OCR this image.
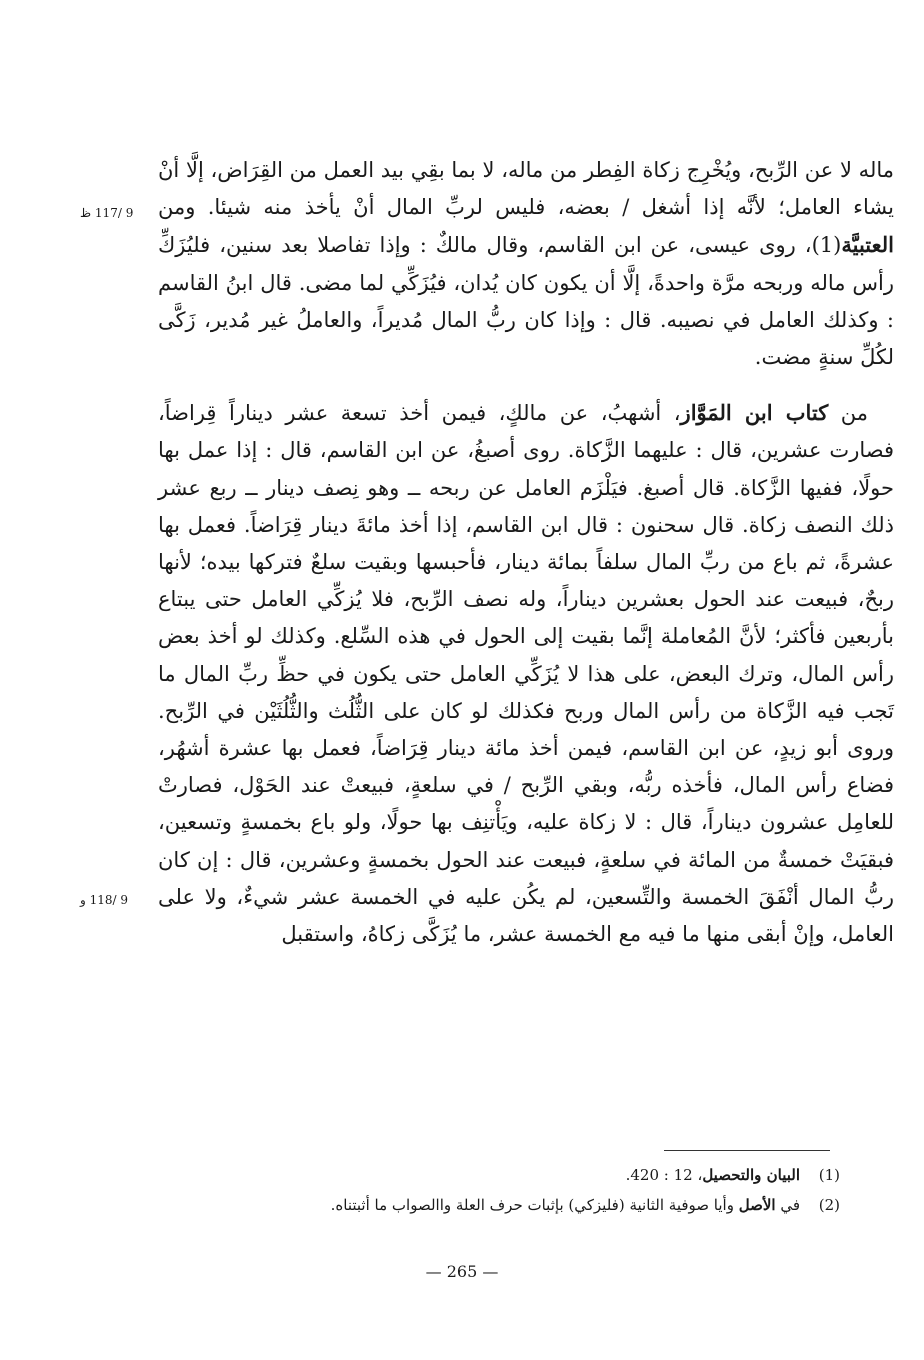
ماله لا عن الرِّبح، ويُخْرِج زكاة الفِطر من ماله، لا بما بقِي بيد العمل من القِرَاض، إلَّا أنْ يشاء العامل؛ لأنَّه إذا أشغل / بعضه، فليس لربِّ المال أنْ يأخذ منه شيئا. ومن العتبيَّة(1)، روى عيسى، عن ابن القاسم، وقال مالكٌ : وإذا تفاصلا بعد سنين، فليُزَكِّ رأس ماله وربحه مرَّة واحدةً، إلَّا أن يكون كان يُدان، فيُزَكِّي لما مضى. قال ابنُ القاسم : وكذلك العامل في نصيبه. قال : وإذا كان ربُّ المال مُديراً، والعاملُ غير مُدير، زَكَّى لكُلِّ سنةٍ مضت.

من كتاب ابن المَوَّاز، أشهبُ، عن مالكٍ، فيمن أخذ تسعة عشر ديناراً قِراضاً، فصارت عشرين، قال : عليهما الزَّكاة. روى أصبغُ، عن ابن القاسم، قال : إذا عمل بها حولًا، ففيها الزَّكاة. قال أصبغ. فيَلْزَم العامل عن ربحه ــ وهو نِصف دينار ــ ربع عشر ذلك النصف زكاة. قال سحنون : قال ابن القاسم، إذا أخذ مائةَ دينار قِرَاضاً. فعمل بها عشرةً، ثم باع من ربِّ المال سلفاً بمائة دينار، فأحبسها وبقيت سلعٌ فتركها بيده؛ لأنها ربحٌ، فبيعت عند الحول بعشرين ديناراً، وله نصف الرِّبح، فلا يُزكِّي العامل حتى يبتاع بأربعين فأكثر؛ لأنَّ المُعاملة إنَّما بقيت إلى الحول في هذه السِّلع. وكذلك لو أخذ بعض رأس المال، وترك البعض، على هذا لا يُزَكِّي العامل حتى يكون في حظِّ ربِّ المال ما تَجب فيه الزَّكاة من رأس المال وربح فكذلك لو كان على الثُّلُث والثُّلُثَيْن في الرِّبح. وروى أبو زيدٍ، عن ابن القاسم، فيمن أخذ مائة دينار قِرَاضاً، فعمل بها عشرة أشهُر، فضاع رأس المال، فأخذه ربُّه، وبقي الرِّبح / في سلعةٍ، فبيعتْ عند الحَوْل، فصارتْ للعامِل عشرون ديناراً، قال : لا زكاة عليه، ويَأْتنِف بها حولًا، ولو باع بخمسةٍ وتسعين، فبقيَتْ خمسةٌ من المائة في سلعةٍ، فبيعت عند الحول بخمسةٍ وعشرين، قال : إن كان ربُّ المال أنْفَقَ الخمسة والتِّسعين، لم يكُن عليه في الخمسة عشر شيءٌ، ولا على العامل، وإنْ أبقى منها ما فيه مع الخمسة عشر، ما يُزَكَّى زكاهُ، واستقبل

9 /117 ظ
9 /118 و
(1)
البيان والتحصيل، 12 : 420.
(2)
في الأصل وأيا صوفية الثانية (فليزكي) بإثبات حرف العلة واالصواب ما أثبتناه.
— 265 —
